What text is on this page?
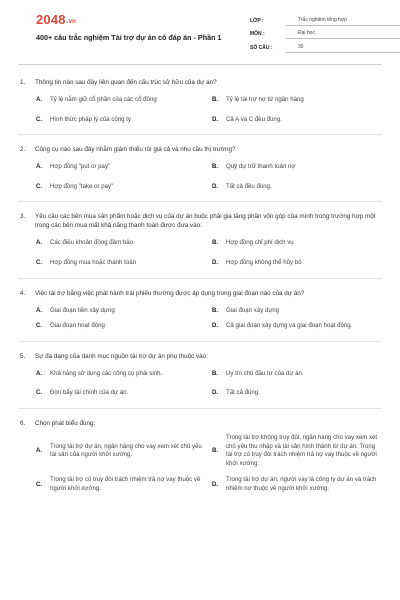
2048.vn
400+ câu trắc nghiệm Tài trợ dự án có đáp án - Phần 1
LỚP :	Trắc nghiệm tổng hợp
MÔN :	Đại học
SỐ CÂU :	30
1.	Thông tin nào sau đây liên quan đến cấu trúc sở hữu của dự án?
A.	Tỷ lệ nắm giữ cổ phần của các cổ đông	B.	Tỷ lệ tài trợ nợ từ ngân hàng
C.	Hình thức pháp lý của công ty	D.	Cả A và C đều đúng.
2.	Công cụ nào sau đây nhằm giảm thiểu rủi giá cả và nhu cầu thị trường?
A.	Hợp đồng "put or pay"	B.	Quỹ dự trữ thanh toán nợ
C.	Hợp đồng "take or pay"	D.	Tất cả đều đúng.
3.	Yêu cầu các bên mua sản phẩm hoặc dịch vụ của dự án buộc phải gia tăng phần vốn góp của mình trong trường hợp một trong các bên mua mất khả năng thanh toán được đưa vào:
A.	Các điều khoản đồng đảm bảo	B.	Hợp đồng chỉ phí dịch vụ
C.	Hợp đồng mua hoặc thanh toán	D.	Hợp đồng không thể hủy bỏ
4.	Việc tài trợ bằng việc phát hành trái phiếu thường được áp dụng trong giai đoạn nào của dự án?
A.	Giai đoạn tiền xây dựng	B.	Giai đoạn xây dựng
C.	Giai đoạn hoạt động	D.	Cả giai đoạn xây dựng và giai đoạn hoạt động.
5.	Sự đa dạng của danh mục nguồn tài trợ dự án phụ thuộc vào:
A.	Khả năng sử dụng các công cụ phái sinh.	B.	Uy tín chủ đầu tư của dự án.
C.	Đòn bẩy tài chính của dự án.	D.	Tất cả đúng.
6.	Chọn phát biểu đúng:
A.
Trong tài trợ dự án, ngân hàng cho vay xem xét chủ yếu tài sản của người khởi xướng.
B.
Trong tài trợ không truy đòi, ngân hàng cho vay xem xét chủ yếu thu nhập và tài sản hình thành từ dự án. Trong tài trợ có truy đòi trách nhiệm trả nợ vay thuộc về người khởi xướng.
C.
Trong tài trợ có truy đòi trách nhiệm trả nợ vay thuộc về người khởi xướng.
D.
Trong tài trợ dự án, người vay là công ty dự án và trách nhiệm nợ thuộc về người khởi xướng.
